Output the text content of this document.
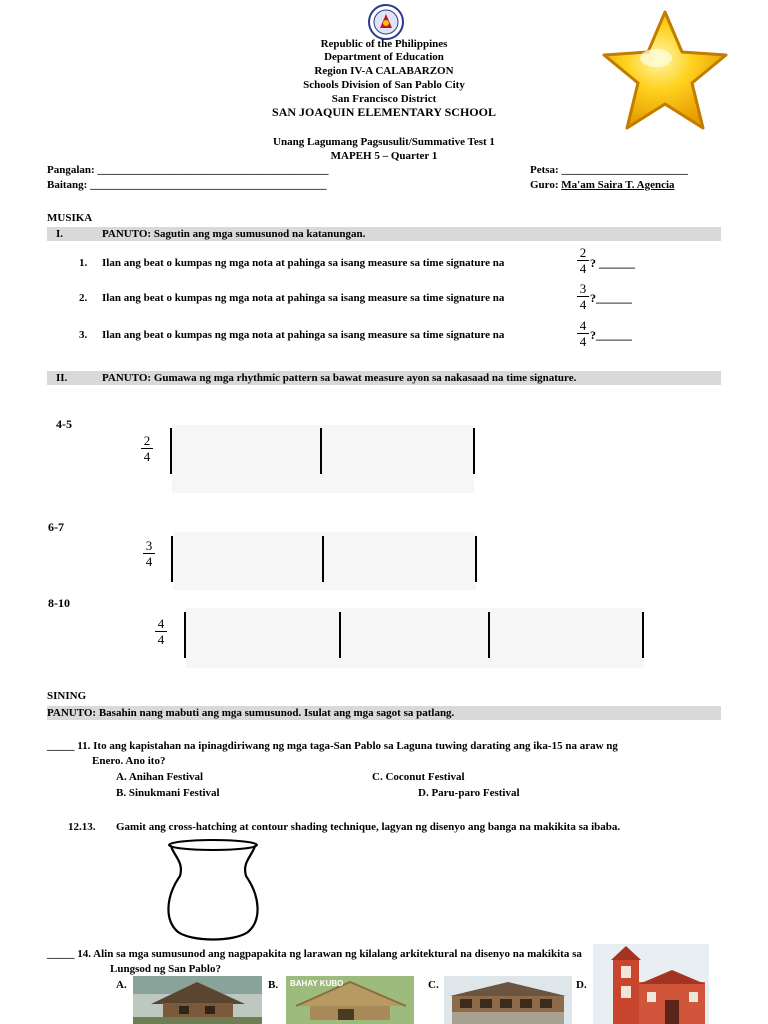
Republic of the Philippines
Department of Education
Region IV-A CALABARZON
Schools Division of San Pablo City
San Francisco District
SAN JOAQUIN ELEMENTARY SCHOOL
Unang Lagumang Pagsusulit/Summative Test 1
MAPEH 5 – Quarter 1
Pangalan: __________________________________________
Baitang: ___________________________________________
Petsa: _______________________
Guro: Ma'am Saira T. Agencia
MUSIKA
I.	PANUTO: Sagutin ang mga sumusunod na katanungan.
1. Ilan ang beat o kumpas ng mga nota at pahinga sa isang measure sa time signature na
2
4 ? ______
2. Ilan ang beat o kumpas ng mga nota at pahinga sa isang measure sa time signature na
3
4 ?______
3. Ilan ang beat o kumpas ng mga nota at pahinga sa isang measure sa time signature na
4
4 ?______
II.	PANUTO: Gumawa ng mga rhythmic pattern sa bawat measure ayon sa nakasaad na time signature.
4-5
2
4
6-7
3
4
8-10
4
4
SINING
PANUTO: Basahin nang mabuti ang mga sumusunod. Isulat ang mga sagot sa patlang.
_____ 11. Ito ang kapistahan na ipinagdiriwang ng mga taga-San Pablo sa Laguna tuwing darating ang ika-15 na araw ng
Enero. Ano ito?
A. Anihan Festival	C. Coconut Festival
B. Sinukmani Festival	D. Paru-paro Festival
12.13. Gamit ang cross-hatching at contour shading technique, lagyan ng disenyo ang banga na makikita sa ibaba.
_____ 14. Alin sa mga sumusunod ang nagpapakita ng larawan ng kilalang arkitektural na disenyo na makikita sa
Lungsod ng San Pablo?
A.	B.	C.	D.
BAHAY KUBO
